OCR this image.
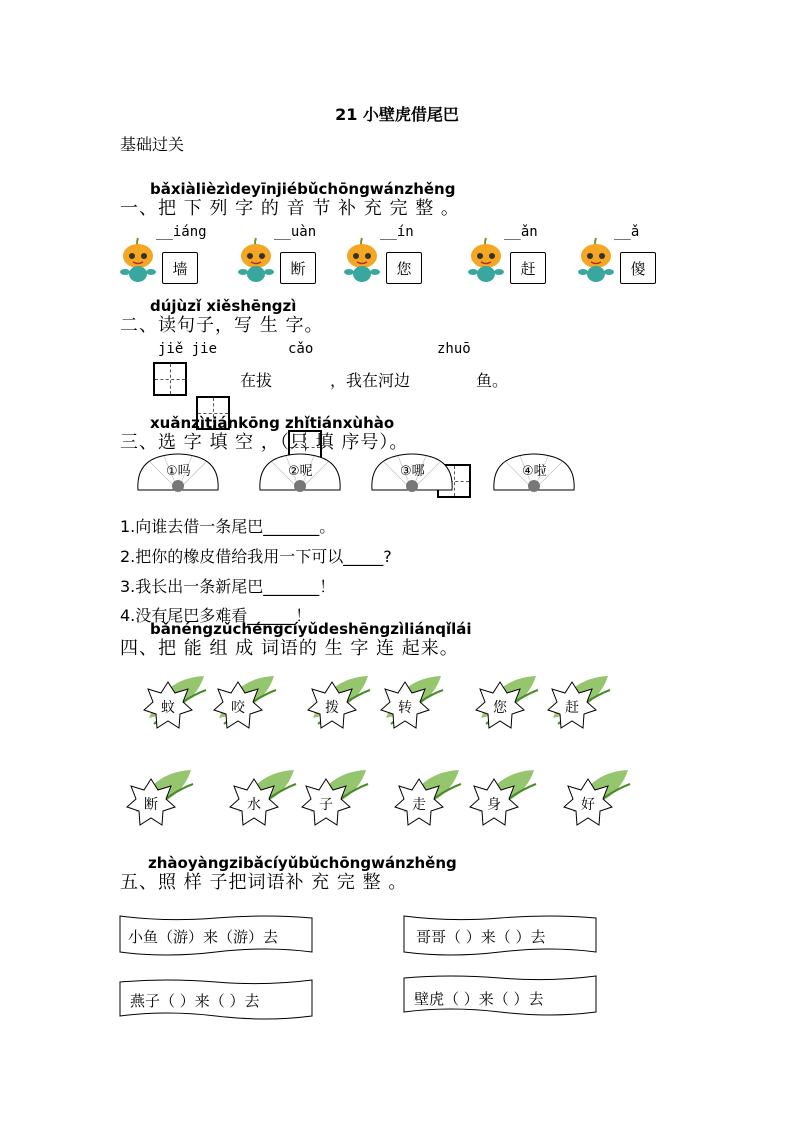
21 小壁虎借尾巴
基础过关
bǎxiàlièzìdeyīnjiébǔchōngwánzhěng
一、把 下 列 字 的 音 节 补 充 完 整 。
__iáng
墙
__uàn
断
__ín
您
__ǎn
赶
__ǎ
傻
dújùzǐ xiěshēngzì
二、读句子，写 生 字。
jiě jie	cǎo	zhuō
在拔	，我在河边	鱼。
xuǎnzìtiánkōng zhǐtiánxùhào
三、选 字 填 空 ，（只 填 序号）。
①吗	②呢	③哪	④啦
1.向谁去借一条尾巴_______。
2.把你的橡皮借给我用一下可以_____?
3.我长出一条新尾巴_______！
4.没有尾巴多难看______！
bǎnéngzǔchéngcíyǔdeshēngzìliánqǐlái
四、把 能 组 成 词语的 生 字 连 起来。
蚊	咬	拨	转	您	赶
断	水	子	走	身	好
zhàoyàngzibǎcíyǔbǔchōngwánzhěng
五、照 样 子把词语补 充 完 整 。
小鱼（游）来（游）去	哥哥（ ）来（ ）去
燕子（ ）来（ ）去	壁虎（ ）来（ ）去
